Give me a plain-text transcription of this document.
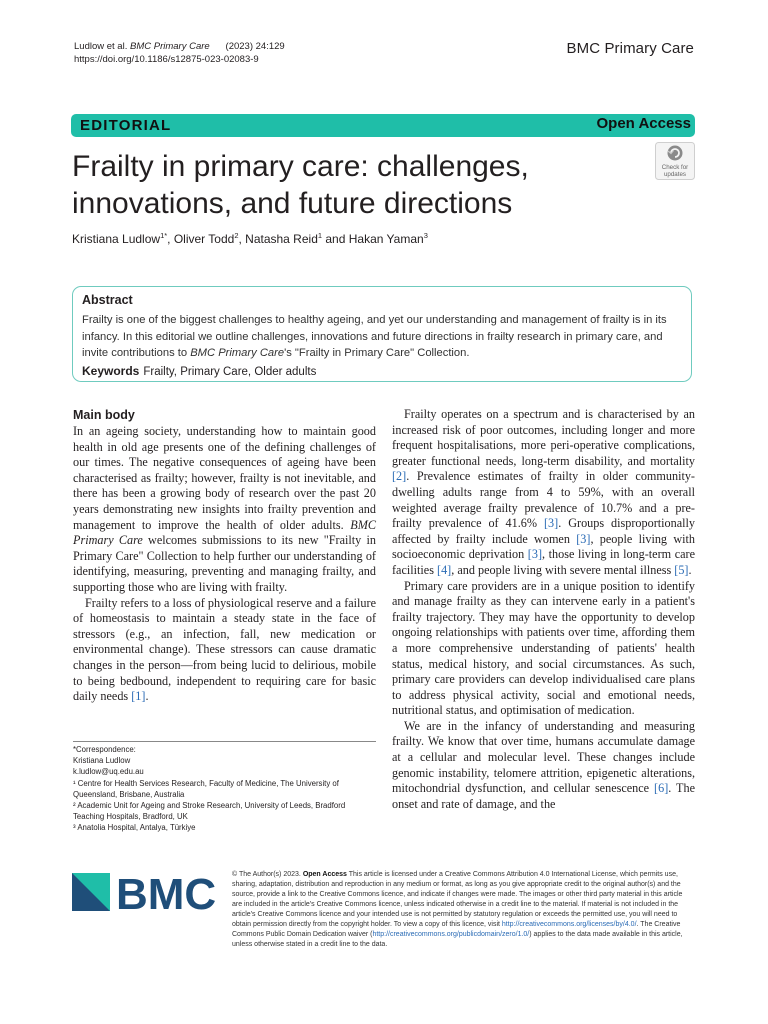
Ludlow et al. BMC Primary Care (2023) 24:129
https://doi.org/10.1186/s12875-023-02083-9
BMC Primary Care
EDITORIAL	Open Access
Check for
updates
Frailty in primary care: challenges, innovations, and future directions
Kristiana Ludlow$^{1*}$, Oliver Todd$^2$, Natasha Reid$^1$ and Hakan Yaman$^3$
Abstract
Frailty is one of the biggest challenges to healthy ageing, and yet our understanding and management of frailty is in its infancy. In this editorial we outline challenges, innovations and future directions in frailty research in primary care, and invite contributions to BMC Primary Care's "Frailty in Primary Care" Collection.
Keywords Frailty, Primary Care, Older adults
Main body

In an ageing society, understanding how to maintain good health in old age presents one of the defining challenges of our times. The negative consequences of ageing have been characterised as frailty; however, frailty is not inevitable, and there has been a growing body of research over the past 20 years demonstrating new insights into frailty prevention and management to improve the health of older adults. BMC Primary Care welcomes submissions to its new "Frailty in Primary Care" Collection to help further our understanding of identifying, measuring, preventing and managing frailty, and supporting those who are living with frailty.

Frailty refers to a loss of physiological reserve and a failure of homeostasis to maintain a steady state in the face of stressors (e.g., an infection, fall, new medication or environmental change). These stressors can cause dramatic changes in the person—from being lucid to delirious, mobile to being bedbound, independent to requiring care for basic daily needs [1].

Frailty operates on a spectrum and is characterised by an increased risk of poor outcomes, including longer and more frequent hospitalisations, more peri-operative complications, greater functional needs, long-term disability, and mortality [2]. Prevalence estimates of frailty in older community-dwelling adults range from 4 to 59%, with an overall weighted average frailty prevalence of 10.7% and a pre-frailty prevalence of 41.6% [3]. Groups disproportionally affected by frailty include women [3], people living with socioeconomic deprivation [3], those living in long-term care facilities [4], and people living with severe mental illness [5].

Primary care providers are in a unique position to identify and manage frailty as they can intervene early in a patient's frailty trajectory. They may have the opportunity to develop ongoing relationships with patients over time, affording them a more comprehensive understanding of patients' health status, medical history, and social circumstances. As such, primary care providers can develop individualised care plans to address physical activity, social and emotional needs, nutritional status, and optimisation of medication.

We are in the infancy of understanding and measuring frailty. We know that over time, humans accumulate damage at a cellular and molecular level. These changes include genomic instability, telomere attrition, epigenetic alterations, mitochondrial dysfunction, and cellular senescence [6]. The onset and rate of damage, and the

*Correspondence:
Kristiana Ludlow
k.ludlow@uq.edu.au
¹ Centre for Health Services Research, Faculty of Medicine, The University of Queensland, Brisbane, Australia
² Academic Unit for Ageing and Stroke Research, University of Leeds, Bradford Teaching Hospitals, Bradford, UK
³ Anatolia Hospital, Antalya, Türkiye
BMC © The Author(s) 2023. Open Access This article is licensed under a Creative Commons Attribution 4.0 International License, which permits use, sharing, adaptation, distribution and reproduction in any medium or format, as long as you give appropriate credit to the original author(s) and the source, provide a link to the Creative Commons licence, and indicate if changes were made. The images or other third party material in this article are included in the article's Creative Commons licence, unless indicated otherwise in a credit line to the material. If material is not included in the article's Creative Commons licence and your intended use is not permitted by statutory regulation or exceeds the permitted use, you will need to obtain permission directly from the copyright holder. To view a copy of this licence, visit http://creativecommons.org/licenses/by/4.0/. The Creative Commons Public Domain Dedication waiver (http://creativecommons.org/publicdomain/zero/1.0/) applies to the data made available in this article, unless otherwise stated in a credit line to the data.
